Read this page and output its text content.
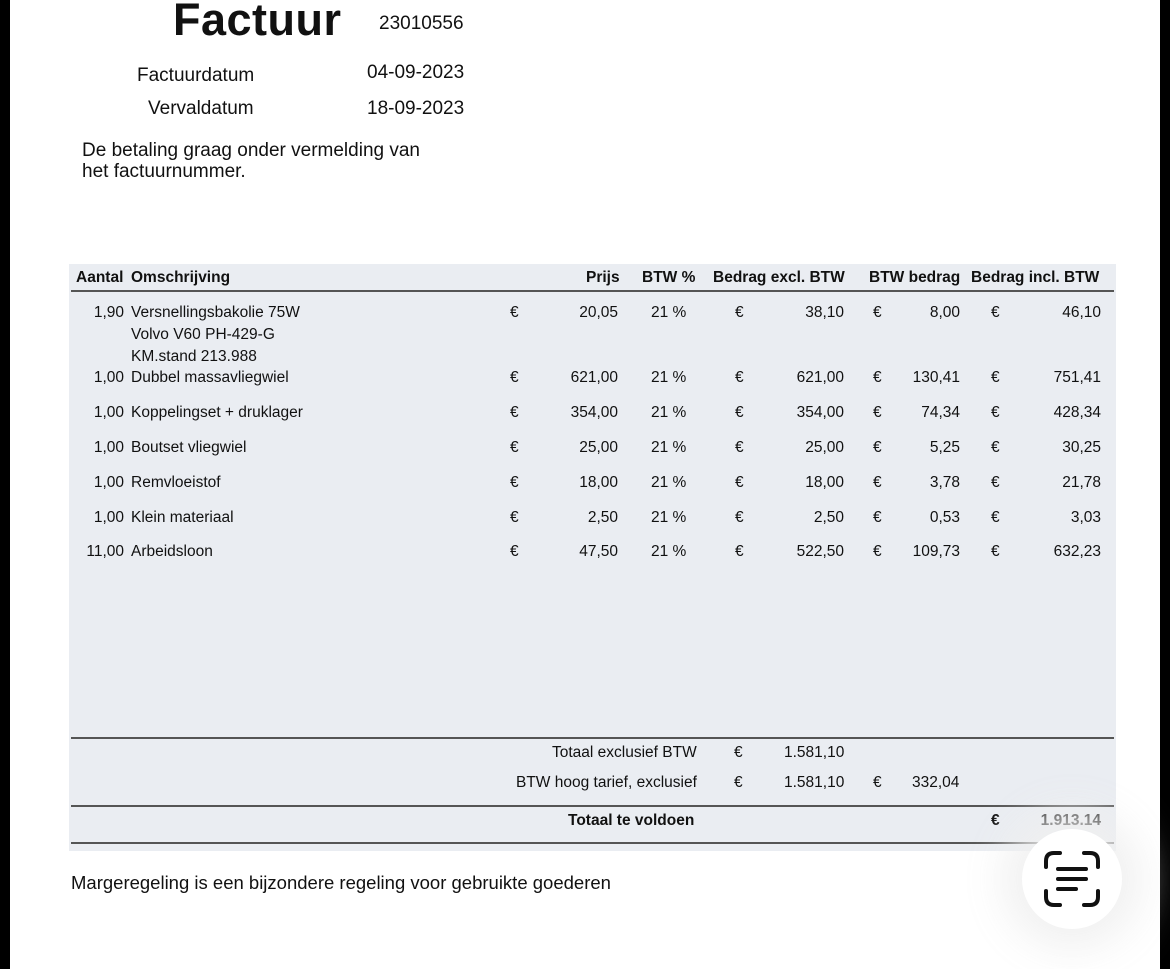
Factuur 23010556
Factuurdatum	04-09-2023
Vervaldatum	18-09-2023
De betaling graag onder vermelding van
het factuurnummer.
Aantal Omschrijving	Prijs BTW % Bedrag excl. BTW BTW bedrag Bedrag incl. BTW
1,90 Versnellingsbakolie 75W
Volvo V60 PH-429-G
KM.stand 213.988
€	20,05 21 %	€	38,10 €	8,00 €	46,10
1,00 Dubbel massavliegwiel	€	621,00 21 %	€	621,00 €	130,41 €	751,41
1,00 Koppelingset + druklager	€	354,00 21 %	€	354,00 €	74,34 €	428,34
1,00 Boutset vliegwiel	€	25,00 21 %	€	25,00 €	5,25 €	30,25
1,00 Remvloeistof	€	18,00 21 %	€	18,00 €	3,78 €	21,78
1,00 Klein materiaal	€	2,50 21 %	€	2,50 €	0,53 €	3,03
11,00 Arbeidsloon	€	47,50 21 %	€	522,50 €	109,73 €	632,23
Totaal exclusief BTW €	1.581,10
BTW hoog tarief, exclusief €	1.581,10 € 332,04
Totaal te voldoen	€	1.913.14
Margeregeling is een bijzondere regeling voor gebruikte goederen
